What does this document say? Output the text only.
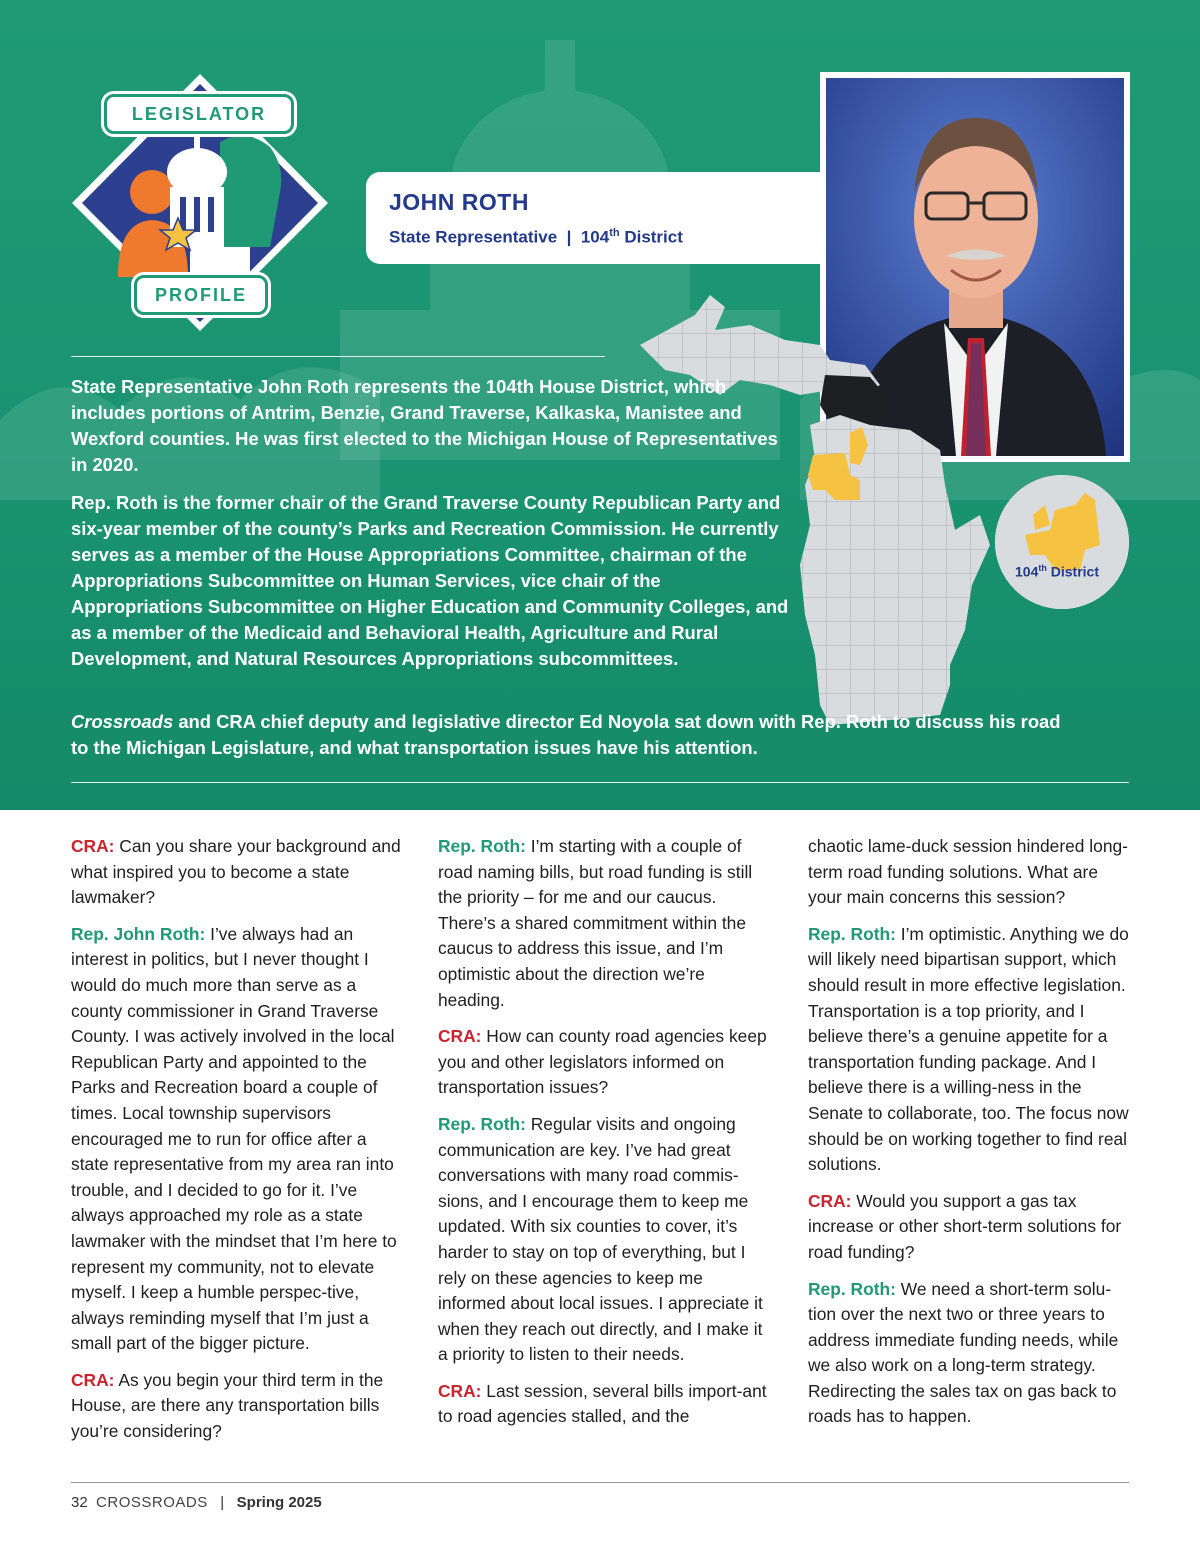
LEGISLATOR
PROFILE
JOHN ROTH
State Representative  |  104th District
104th District

State Representative John Roth represents the 104th House District, which includes portions of Antrim, Benzie, Grand Traverse, Kalkaska, Manistee and Wexford counties. He was first elected to the Michigan House of Representatives in 2020.

Rep. Roth is the former chair of the Grand Traverse County Republican Party and six-year member of the county’s Parks and Recreation Commission. He currently serves as a member of the House Appropriations Committee, chairman of the Appropriations Subcommittee on Human Services, vice chair of the Appropriations Subcommittee on Higher Education and Community Colleges, and as a member of the Medicaid and Behavioral Health, Agriculture and Rural Development, and Natural Resources Appropriations subcommittees.

Crossroads and CRA chief deputy and legislative director Ed Noyola sat down with Rep. Roth to discuss his road to the Michigan Legislature, and what transportation issues have his attention.

CRA: Can you share your background and what inspired you to become a state lawmaker?

Rep. John Roth: I’ve always had an interest in politics, but I never thought I would do much more than serve as a county commissioner in Grand Traverse County. I was actively involved in the local Republican Party and appointed to the Parks and Recreation board a couple of times. Local township supervisors encouraged me to run for office after a state representative from my area ran into trouble, and I decided to go for it. I’ve always approached my role as a state lawmaker with the mindset that I’m here to represent my community, not to elevate myself. I keep a humble perspec-tive, always reminding myself that I’m just a small part of the bigger picture.

CRA: As you begin your third term in the House, are there any transportation bills you’re considering?

Rep. Roth: I’m starting with a couple of road naming bills, but road funding is still the priority – for me and our caucus. There’s a shared commitment within the caucus to address this issue, and I’m optimistic about the direction we’re heading.

CRA: How can county road agencies keep you and other legislators informed on transportation issues?

Rep. Roth: Regular visits and ongoing communication are key. I’ve had great conversations with many road commis-sions, and I encourage them to keep me updated. With six counties to cover, it’s harder to stay on top of everything, but I rely on these agencies to keep me informed about local issues. I appreciate it when they reach out directly, and I make it a priority to listen to their needs.

CRA: Last session, several bills import-ant to road agencies stalled, and the

chaotic lame-duck session hindered long-term road funding solutions. What are your main concerns this session?

Rep. Roth: I’m optimistic. Anything we do will likely need bipartisan support, which should result in more effective legislation. Transportation is a top priority, and I believe there’s a genuine appetite for a transportation funding package. And I believe there is a willing-ness in the Senate to collaborate, too. The focus now should be on working together to find real solutions.

CRA: Would you support a gas tax increase or other short-term solutions for road funding?

Rep. Roth: We need a short-term solu-tion over the next two or three years to address immediate funding needs, while we also work on a long-term strategy. Redirecting the sales tax on gas back to roads has to happen.

32 CROSSROADS | Spring 2025
